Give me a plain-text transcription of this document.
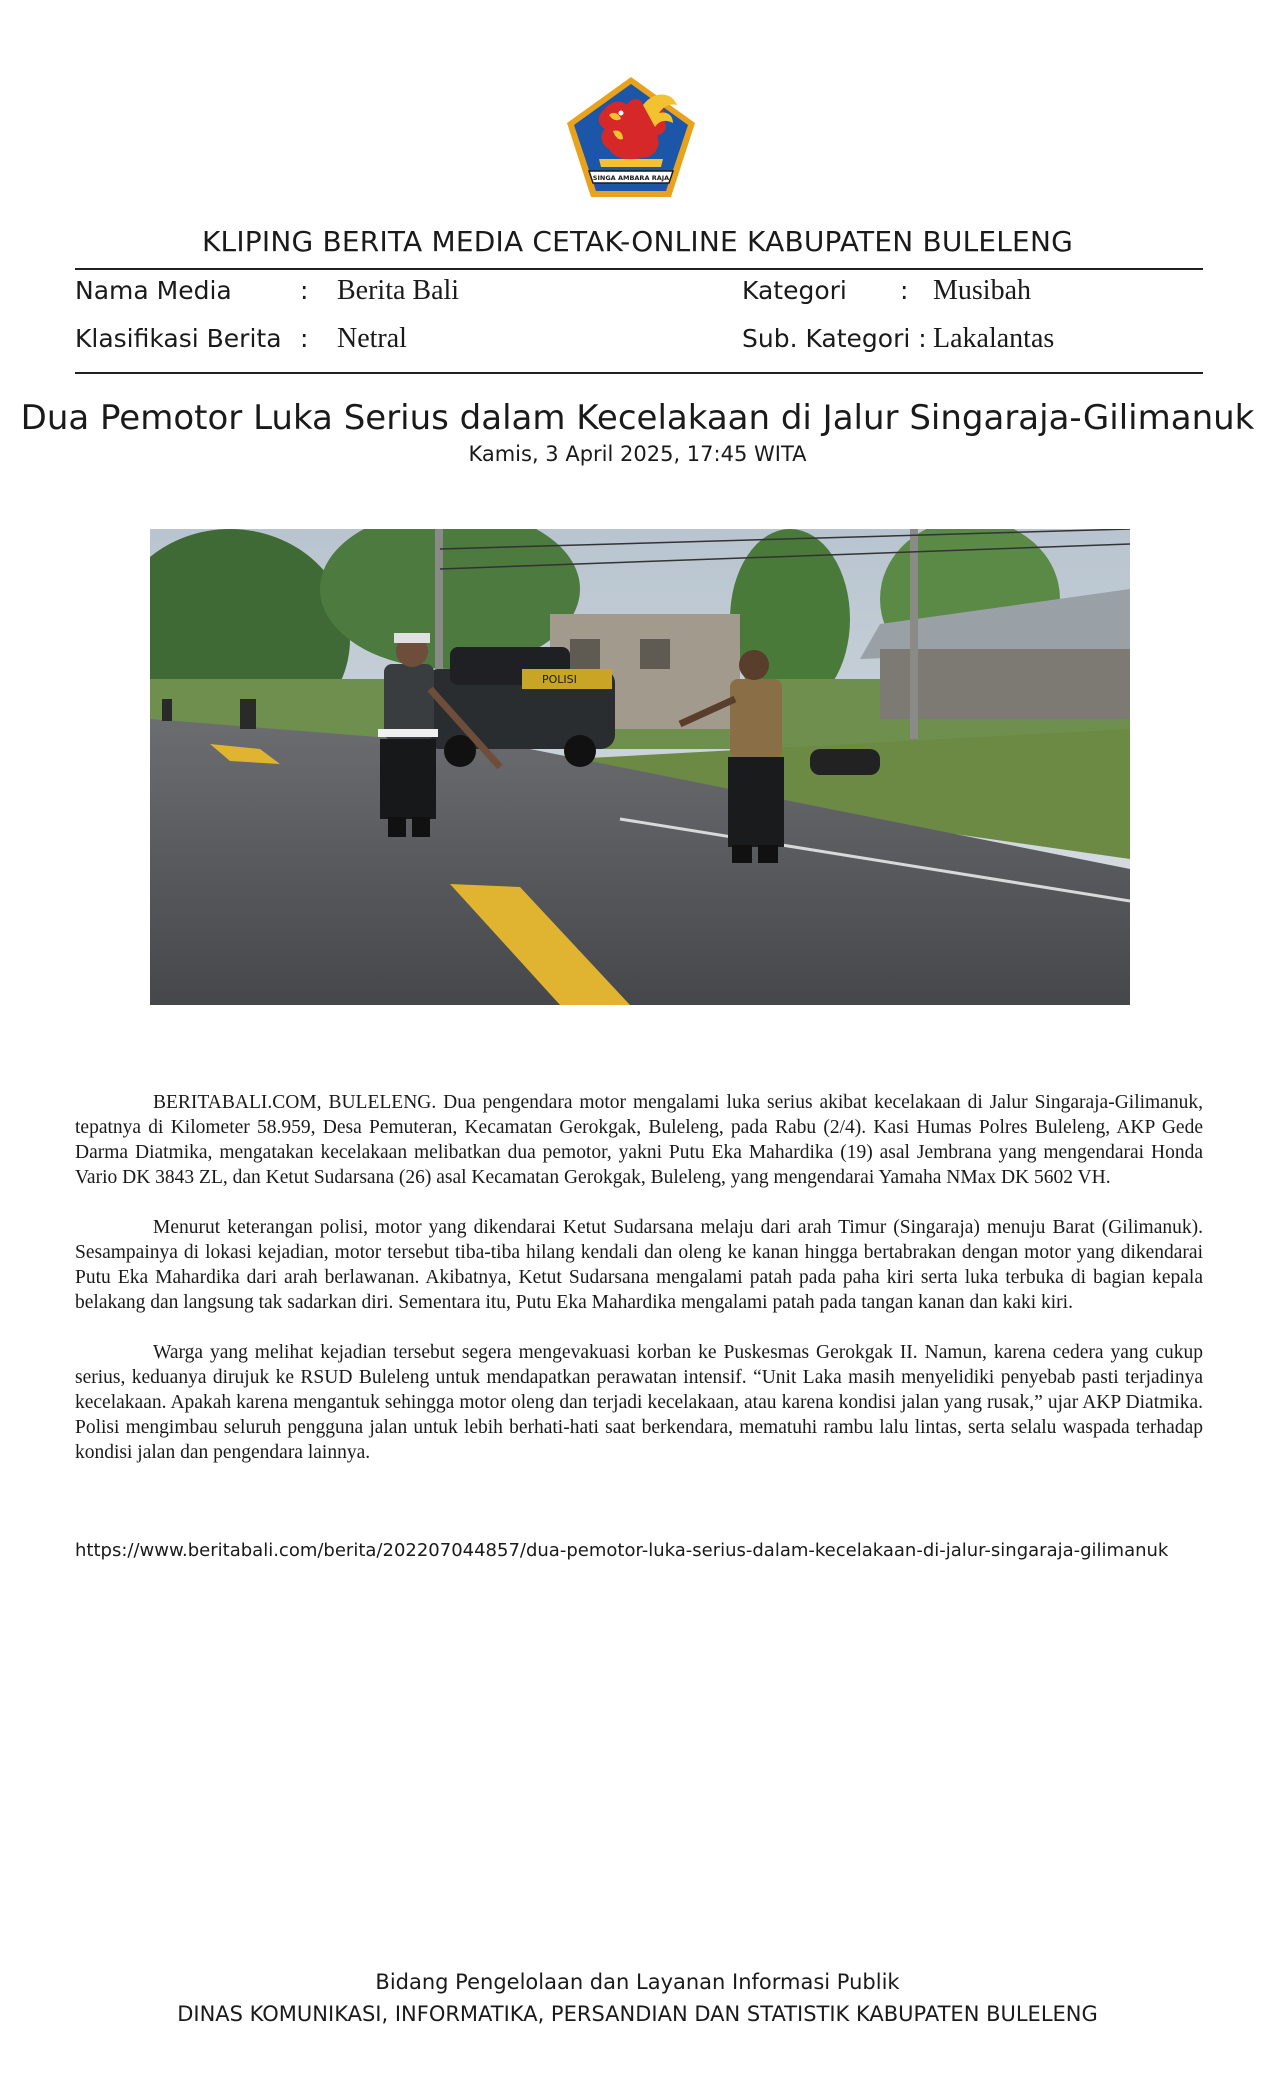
SINGA AMBARA RAJA
KLIPING BERITA MEDIA CETAK-ONLINE KABUPATEN BULELENG
Nama Media	: Berita Bali	Kategori : Musibah
Klasifikasi Berita : Netral	Sub. Kategori : Lakalantas
Dua Pemotor Luka Serius dalam Kecelakaan di Jalur Singaraja-Gilimanuk
Kamis, 3 April 2025, 17:45 WITA
POLISI

BERITABALI.COM, BULELENG. Dua pengendara motor mengalami luka serius akibat kecelakaan di Jalur Singaraja-Gilimanuk, tepatnya di Kilometer 58.959, Desa Pemuteran, Kecamatan Gerokgak, Buleleng, pada Rabu (2/4). Kasi Humas Polres Buleleng, AKP Gede Darma Diatmika, mengatakan kecelakaan melibatkan dua pemotor, yakni Putu Eka Mahardika (19) asal Jembrana yang mengendarai Honda Vario DK 3843 ZL, dan Ketut Sudarsana (26) asal Kecamatan Gerokgak, Buleleng, yang mengendarai Yamaha NMax DK 5602 VH.

Menurut keterangan polisi, motor yang dikendarai Ketut Sudarsana melaju dari arah Timur (Singaraja) menuju Barat (Gilimanuk). Sesampainya di lokasi kejadian, motor tersebut tiba-tiba hilang kendali dan oleng ke kanan hingga bertabrakan dengan motor yang dikendarai Putu Eka Mahardika dari arah berlawanan. Akibatnya, Ketut Sudarsana mengalami patah pada paha kiri serta luka terbuka di bagian kepala belakang dan langsung tak sadarkan diri. Sementara itu, Putu Eka Mahardika mengalami patah pada tangan kanan dan kaki kiri.

Warga yang melihat kejadian tersebut segera mengevakuasi korban ke Puskesmas Gerokgak II. Namun, karena cedera yang cukup serius, keduanya dirujuk ke RSUD Buleleng untuk mendapatkan perawatan intensif. “Unit Laka masih menyelidiki penyebab pasti terjadinya kecelakaan. Apakah karena mengantuk sehingga motor oleng dan terjadi kecelakaan, atau karena kondisi jalan yang rusak,” ujar AKP Diatmika. Polisi mengimbau seluruh pengguna jalan untuk lebih berhati-hati saat berkendara, mematuhi rambu lalu lintas, serta selalu waspada terhadap kondisi jalan dan pengendara lainnya.

https://www.beritabali.com/berita/202207044857/dua-pemotor-luka-serius-dalam-kecelakaan-di-jalur-singaraja-gilimanuk
Bidang Pengelolaan dan Layanan Informasi Publik
DINAS KOMUNIKASI, INFORMATIKA, PERSANDIAN DAN STATISTIK KABUPATEN BULELENG
